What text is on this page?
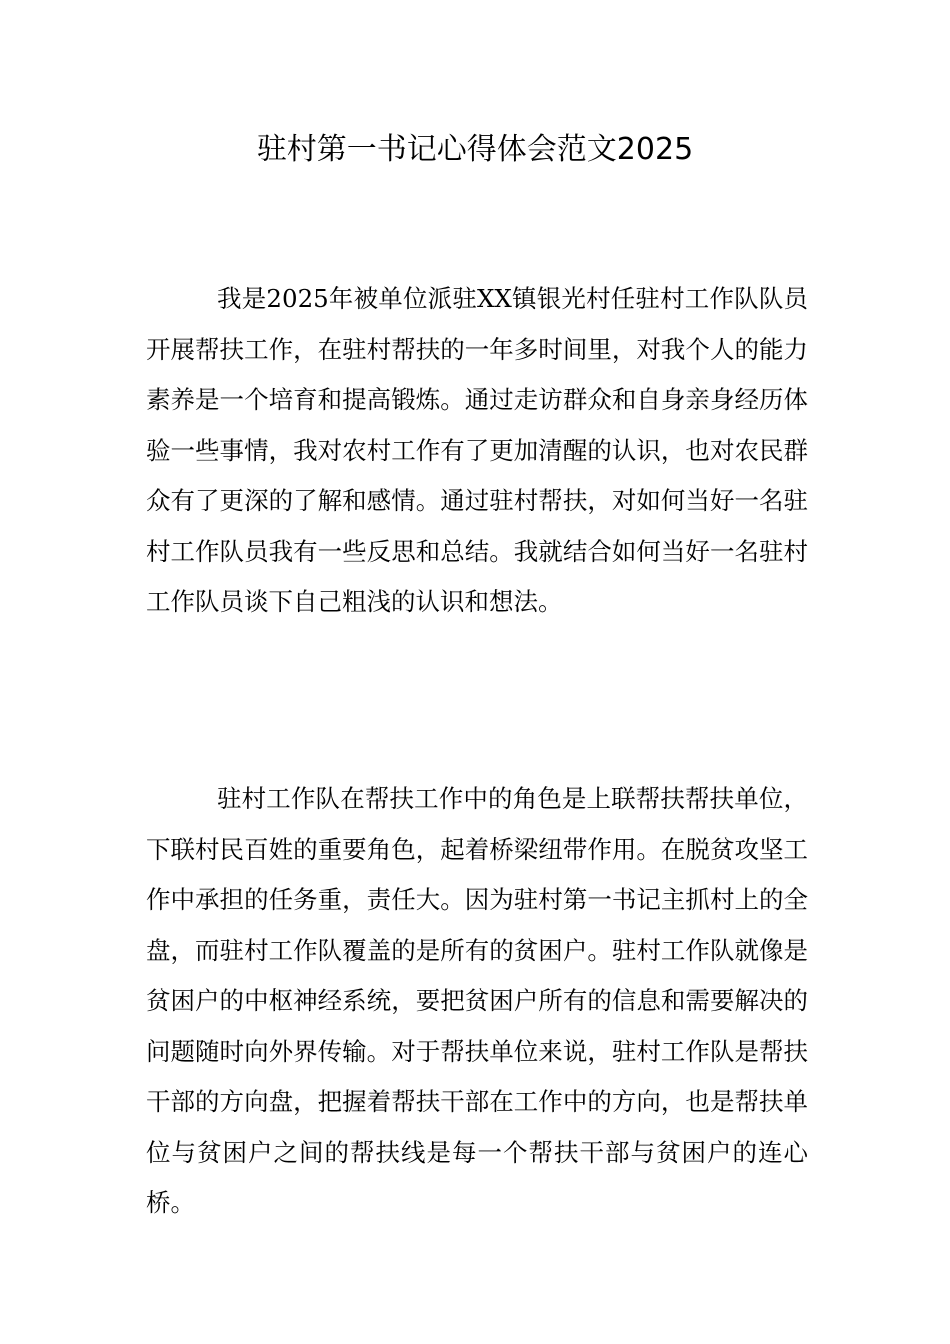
驻村第一书记心得体会范文2025

我是2025年被单位派驻XX镇银光村任驻村工作队队员开展帮扶工作，在驻村帮扶的一年多时间里，对我个人的能力素养是一个培育和提高锻炼。通过走访群众和自身亲身经历体验一些事情，我对农村工作有了更加清醒的认识，也对农民群众有了更深的了解和感情。通过驻村帮扶，对如何当好一名驻村工作队员我有一些反思和总结。我就结合如何当好一名驻村工作队员谈下自己粗浅的认识和想法。

驻村工作队在帮扶工作中的角色是上联帮扶帮扶单位，下联村民百姓的重要角色，起着桥梁纽带作用。在脱贫攻坚工作中承担的任务重，责任大。因为驻村第一书记主抓村上的全盘，而驻村工作队覆盖的是所有的贫困户。驻村工作队就像是贫困户的中枢神经系统，要把贫困户所有的信息和需要解决的问题随时向外界传输。对于帮扶单位来说，驻村工作队是帮扶干部的方向盘，把握着帮扶干部在工作中的方向，也是帮扶单位与贫困户之间的帮扶线是每一个帮扶干部与贫困户的连心桥。
